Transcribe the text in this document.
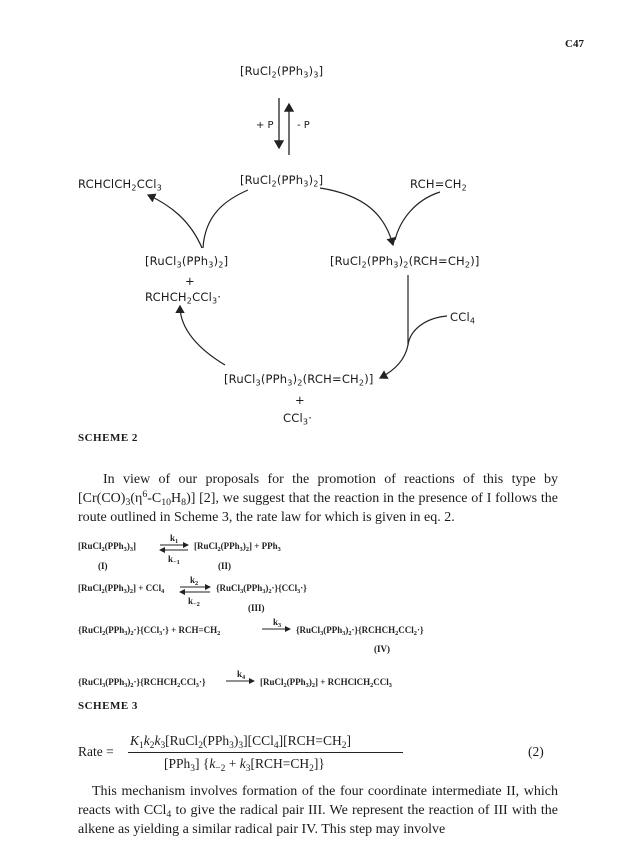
C47
$[RuCl_2(PPh_3)_3]$
+ P - P
$[RuCl_2(PPh_3)_2]$
RCHClCH$_2$CCl$_3$	$RCH=CH_2$
$[RuCl_3(PPh_3)_2]$
+
$RCHCH_2CCl_3\cdot$
$[RuCl_2(PPh_3)_2(RCH=CH_2)]$
CCl$_4$
$[RuCl_3(PPh_3)_2(RCH=CH_2)]$
+
CCl$_3$·
SCHEME 2
In view of our proposals for the promotion of reactions of this type by $[Cr(CO)_3(\eta^6-C_{10}H_8)]$ [2], we suggest that the reaction in the presence of I follows the route outlined in Scheme 3, the rate law for which is given in eq. 2.
$[RuCl_2(PPh_3)_3]$
$k_1$
$k_{-1}$
$[RuCl_2(PPh_3)_2] + PPh_3$
(I)	(II)
$[RuCl_2(PPh_3)_2] + CCl_4$
$k_2$
$k_{-2}$
$\{RuCl_3(PPh_3)_2\cdot\}\{CCl_3\cdot\}$
(III)
$\{RuCl_2(PPh_3)_2\cdot\}\{CCl_3\cdot\} + RCH=CH_2$
$k_3$ $\{RuCl_3(PPh_3)_2\cdot\}\{RCHCH_2CCl_2\cdot\}$
(IV)
$\{RuCl_3(PPh_3)_2\cdot\}\{RCHCH_2CCl_3\cdot\}$
$k_4$ $[RuCl_2(PPh_3)_2]$ + RCHClCH$_2$CCl$_3$
SCHEME 3
Rate =
$K_1k_2k_3[RuCl_2(PPh_3)_3][CCl_4][RCH=CH_2]$
[PPh$_3$] $\{k_{-2} + k_3[RCH=CH_2]\}$
(2)
This mechanism involves formation of the four coordinate intermediate II, which reacts with CCl$_4$ to give the radical pair III. We represent the reaction of III with the alkene as yielding a similar radical pair IV. This step may involve
